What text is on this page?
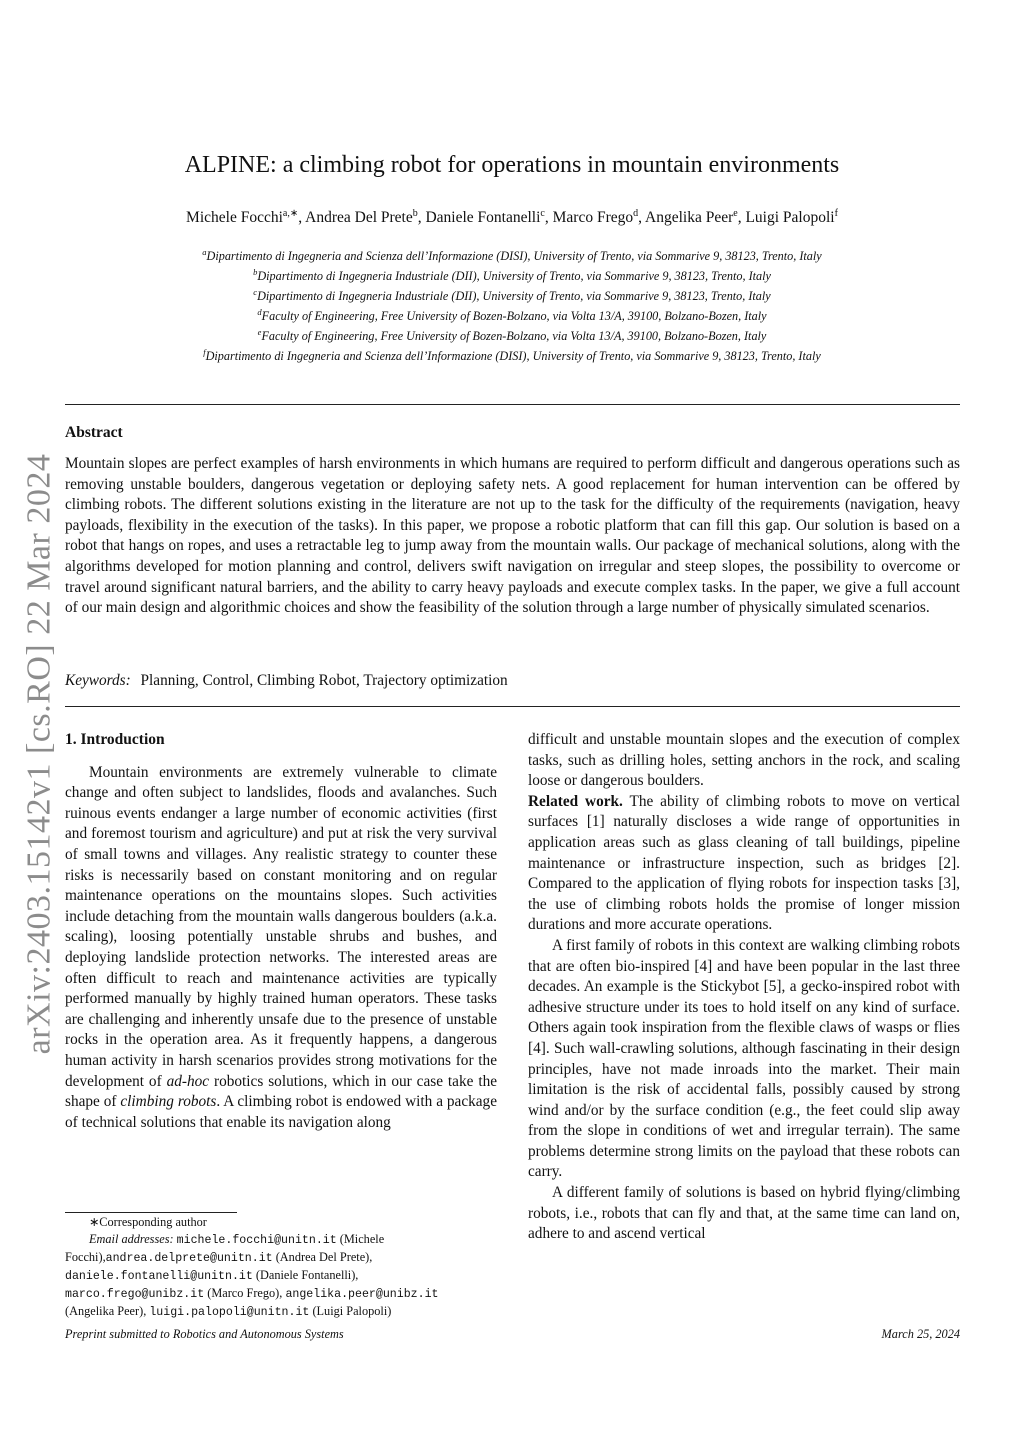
arXiv:2403.15142v1 [cs.RO] 22 Mar 2024
ALPINE: a climbing robot for operations in mountain environments
Michele Focchi$^{a,∗}$, Andrea Del Prete$^b$, Daniele Fontanelli$^c$, Marco Frego$^d$, Angelika Peer$^e$, Luigi Palopoli$^f$
$^a$Dipartimento di Ingegneria and Scienza dell’Informazione (DISI), University of Trento, via Sommarive 9, 38123, Trento, Italy
$^b$Dipartimento di Ingegneria Industriale (DII), University of Trento, via Sommarive 9, 38123, Trento, Italy
$^c$Dipartimento di Ingegneria Industriale (DII), University of Trento, via Sommarive 9, 38123, Trento, Italy
$^d$Faculty of Engineering, Free University of Bozen-Bolzano, via Volta 13/A, 39100, Bolzano-Bozen, Italy
$^e$Faculty of Engineering, Free University of Bozen-Bolzano, via Volta 13/A, 39100, Bolzano-Bozen, Italy
$^f$Dipartimento di Ingegneria and Scienza dell’Informazione (DISI), University of Trento, via Sommarive 9, 38123, Trento, Italy
Abstract

Mountain slopes are perfect examples of harsh environments in which humans are required to perform difficult and dangerous operations such as removing unstable boulders, dangerous vegetation or deploying safety nets. A good replacement for human intervention can be offered by climbing robots. The different solutions existing in the literature are not up to the task for the difficulty of the requirements (navigation, heavy payloads, flexibility in the execution of the tasks). In this paper, we propose a robotic platform that can fill this gap. Our solution is based on a robot that hangs on ropes, and uses a retractable leg to jump away from the mountain walls. Our package of mechanical solutions, along with the algorithms developed for motion planning and control, delivers swift navigation on irregular and steep slopes, the possibility to overcome or travel around significant natural barriers, and the ability to carry heavy payloads and execute complex tasks. In the paper, we give a full account of our main design and algorithmic choices and show the feasibility of the solution through a large number of physically simulated scenarios.

Keywords: Planning, Control, Climbing Robot, Trajectory optimization
1. Introduction

Mountain environments are extremely vulnerable to climate change and often subject to landslides, floods and avalanches. Such ruinous events endanger a large number of economic activities (first and foremost tourism and agriculture) and put at risk the very survival of small towns and villages. Any realistic strategy to counter these risks is necessarily based on constant monitoring and on regular maintenance operations on the mountains slopes. Such activities include detaching from the mountain walls dangerous boulders (a.k.a. scaling), loosing potentially unstable shrubs and bushes, and deploying landslide protection networks. The interested areas are often difficult to reach and maintenance activities are typically performed manually by highly trained human operators. These tasks are challenging and inherently unsafe due to the presence of unstable rocks in the operation area. As it frequently happens, a dangerous human activity in harsh scenarios provides strong motivations for the development of ad-hoc robotics solutions, which in our case take the shape of climbing robots. A climbing robot is endowed with a package of technical solutions that enable its navigation along

difficult and unstable mountain slopes and the execution of complex tasks, such as drilling holes, setting anchors in the rock, and scaling loose or dangerous boulders.

Related work. The ability of climbing robots to move on vertical surfaces [1] naturally discloses a wide range of opportunities in application areas such as glass cleaning of tall buildings, pipeline maintenance or infrastructure inspection, such as bridges [2]. Compared to the application of flying robots for inspection tasks [3], the use of climbing robots holds the promise of longer mission durations and more accurate operations.

A first family of robots in this context are walking climbing robots that are often bio-inspired [4] and have been popular in the last three decades. An example is the Stickybot [5], a gecko-inspired robot with adhesive structure under its toes to hold itself on any kind of surface. Others again took inspiration from the flexible claws of wasps or flies [4]. Such wall-crawling solutions, although fascinating in their design principles, have not made inroads into the market. Their main limitation is the risk of accidental falls, possibly caused by strong wind and/or by the surface condition (e.g., the feet could slip away from the slope in conditions of wet and irregular terrain). The same problems determine strong limits on the payload that these robots can carry.

A different family of solutions is based on hybrid flying/climbing robots, i.e., robots that can fly and that, at the same time can land on, adhere to and ascend vertical

∗Corresponding author
Email addresses: michele.focchi@unitn.it (Michele Focchi),andrea.delprete@unitn.it (Andrea Del Prete),
daniele.fontanelli@unitn.it (Daniele Fontanelli),
marco.frego@unibz.it (Marco Frego), angelika.peer@unibz.it
(Angelika Peer), luigi.palopoli@unitn.it (Luigi Palopoli)
Preprint submitted to Robotics and Autonomous Systems	March 25, 2024
